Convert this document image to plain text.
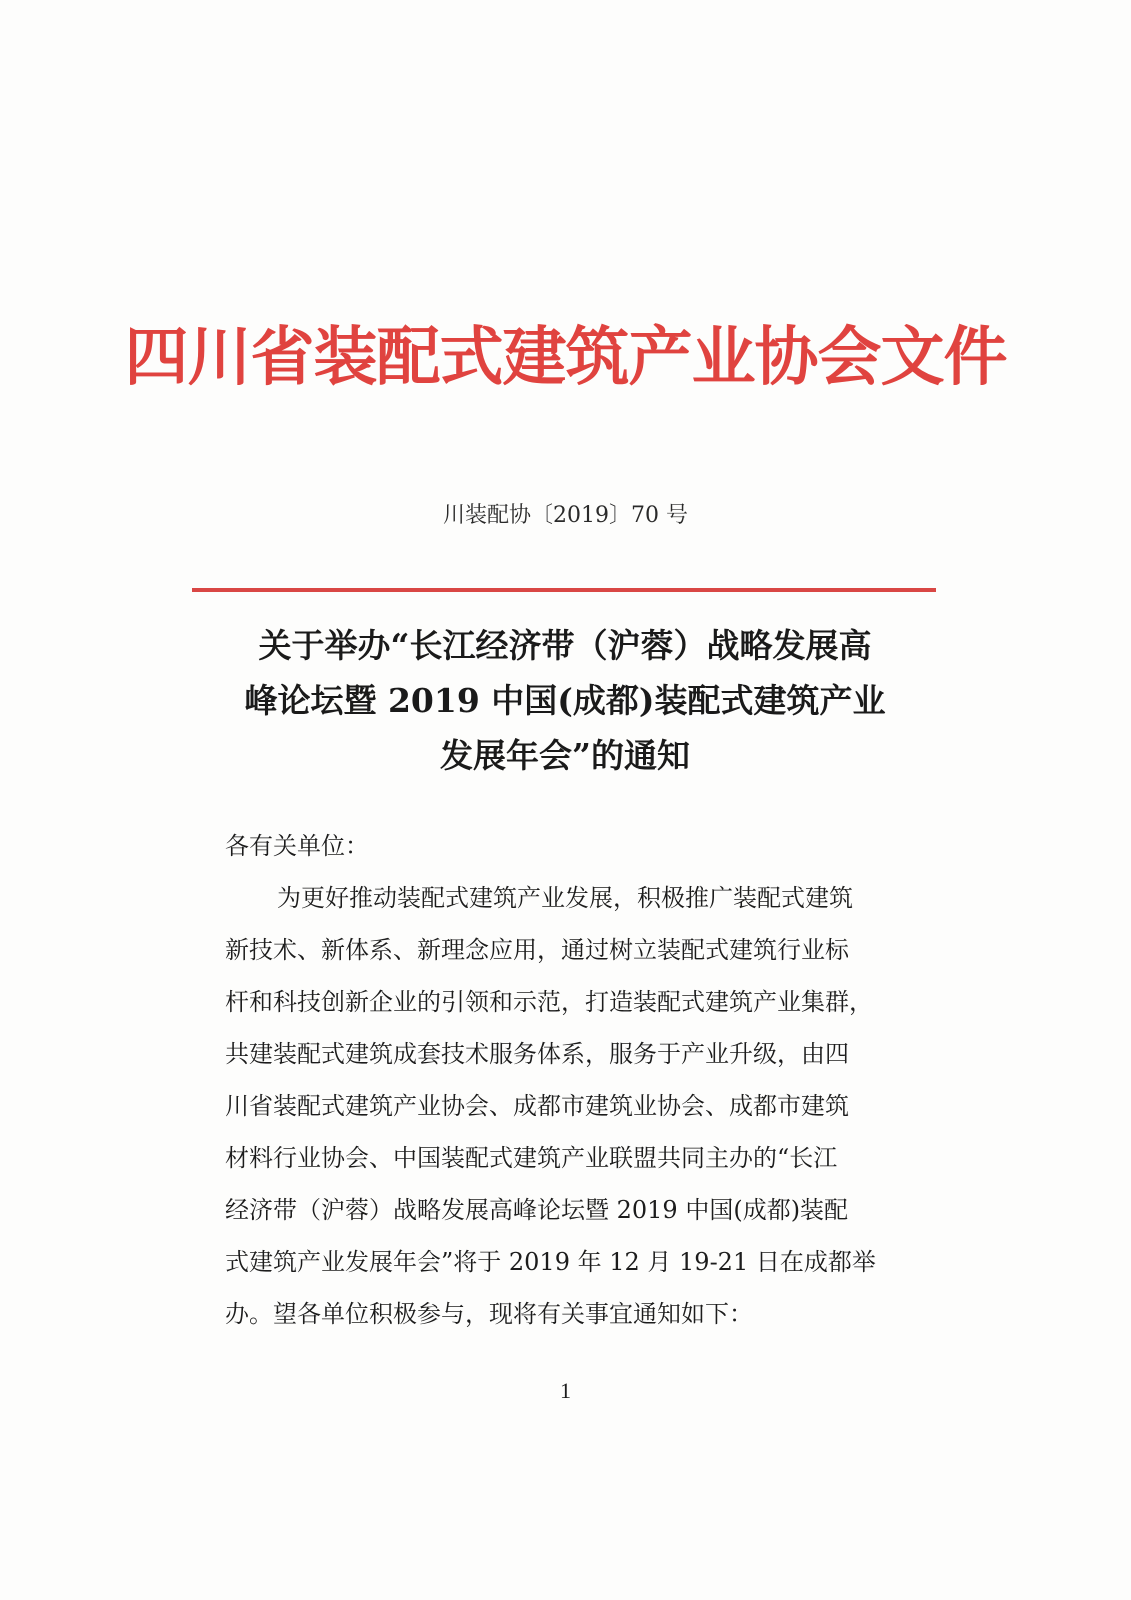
四川省装配式建筑产业协会文件
川装配协〔2019〕70 号
关于举办“长江经济带（沪蓉）战略发展高
峰论坛暨 2019 中国(成都)装配式建筑产业
发展年会”的通知
各有关单位：
为更好推动装配式建筑产业发展，积极推广装配式建筑
新技术、新体系、新理念应用，通过树立装配式建筑行业标
杆和科技创新企业的引领和示范，打造装配式建筑产业集群，
共建装配式建筑成套技术服务体系，服务于产业升级，由四
川省装配式建筑产业协会、成都市建筑业协会、成都市建筑
材料行业协会、中国装配式建筑产业联盟共同主办的“长江
经济带（沪蓉）战略发展高峰论坛暨 2019 中国(成都)装配
式建筑产业发展年会”将于 2019 年 12 月 19-21 日在成都举
办。望各单位积极参与，现将有关事宜通知如下：
1
